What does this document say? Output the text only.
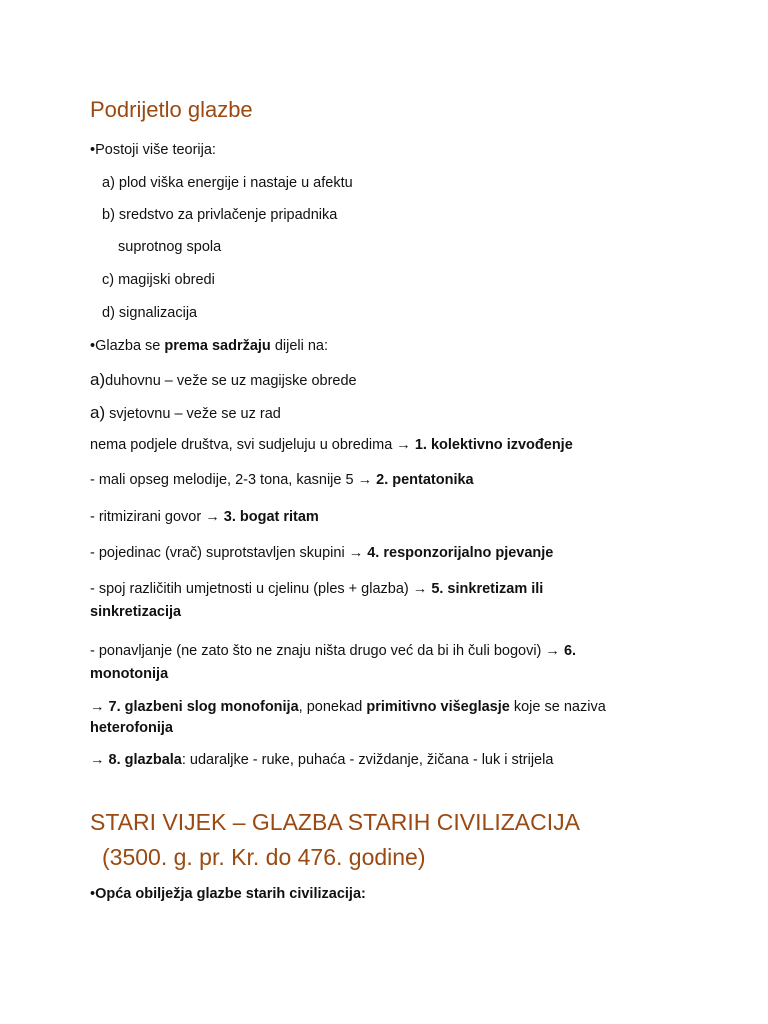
Podrijetlo glazbe
•Postoji više teorija:
a) plod viška energije i nastaje u afektu
b) sredstvo za privlačenje pripadnika
suprotnog spola
c) magijski obredi
d) signalizacija
•Glazba se prema sadržaju dijeli na:
a)duhovnu – veže se uz magijske obrede
a) svjetovnu – veže se uz rad
nema podjele društva, svi sudjeluju u obredima → 1. kolektivno izvođenje
- mali opseg melodije, 2-3 tona, kasnije 5 → 2. pentatonika
- ritmizirani govor → 3. bogat ritam
- pojedinac (vrač) suprotstavljen skupini → 4. responzorijalno pjevanje
- spoj različitih umjetnosti u cjelinu (ples + glazba) → 5. sinkretizam ili
sinkretizacija
- ponavljanje (ne zato što ne znaju ništa drugo već da bi ih čuli bogovi) → 6.
monotonija
→ 7. glazbeni slog monofonija, ponekad primitivno višeglasje koje se naziva
heterofonija
→ 8. glazbala: udaraljke - ruke, puhaća - zviždanje, žičana - luk i strijela
STARI VIJEK – GLAZBA STARIH CIVILIZACIJA
(3500. g. pr. Kr. do 476. godine)
•Opća obilježja glazbe starih civilizacija:
